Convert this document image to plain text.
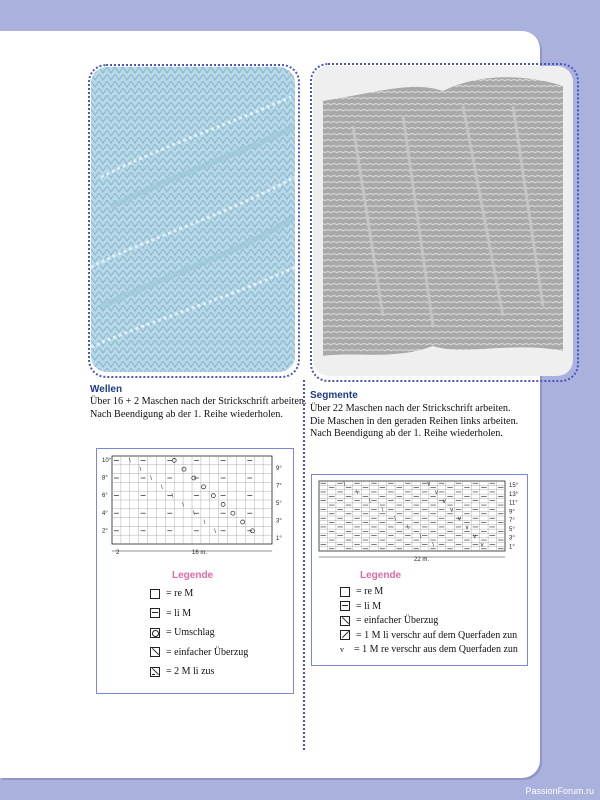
Wellen
Über 16 + 2 Maschen nach der Strickschrift arbeiten.
Nach Beendigung ab der 1. Reihe wiederholen.
Segmente
Über 22 Maschen nach der Strickschrift arbeiten.
Die Maschen in den geraden Reihen links arbeiten.
Nach Beendigung ab der 1. Reihe wiederholen.
\
\
\
\
\
\
\
\
\
10°
8°
6°
4°
2°
9°
7°
5°
3°
1°
2	16 m.
Legende
= re M
= li M
= Umschlag
= einfacher Überzug
= 2 M li zus
\	v
\	v
\	v
\	v
\	v
\	v
\	v
\	v
15°
13°
11°
9°
7°
5°
3°
1°
22 m.
Legende
= re M
= li M
= einfacher Überzug
= 1 M li verschr auf dem Querfaden zun
v = 1 M re verschr aus dem Querfaden zun
PassionForum.ru
